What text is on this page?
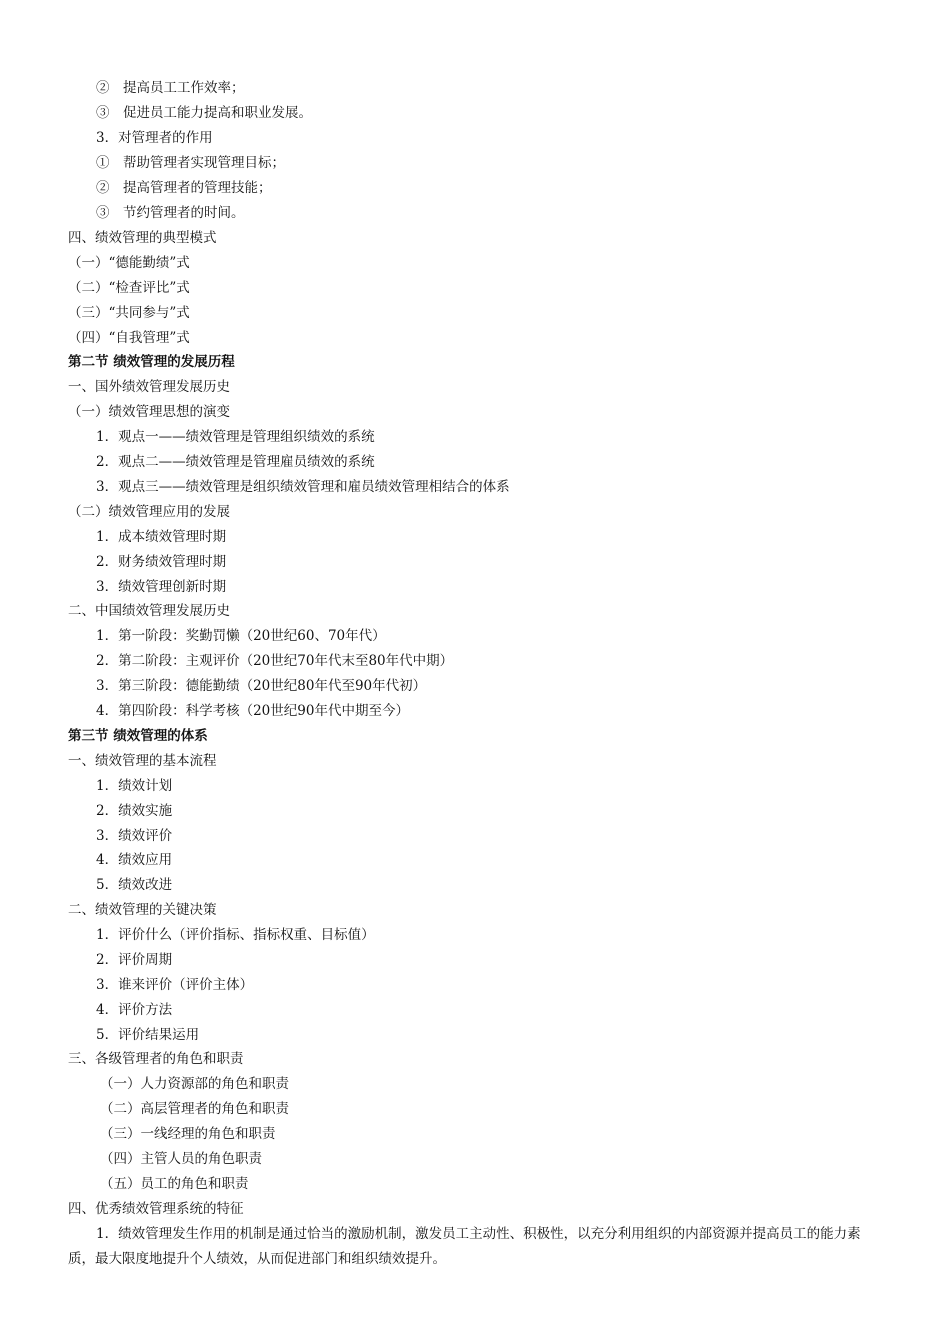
②　提高员工工作效率；
③　促进员工能力提高和职业发展。
3．对管理者的作用
①　帮助管理者实现管理目标；
②　提高管理者的管理技能；
③　节约管理者的时间。
四、绩效管理的典型模式
（一）“德能勤绩”式
（二）“检查评比”式
（三）“共同参与”式
（四）“自我管理”式
第二节 绩效管理的发展历程
一、国外绩效管理发展历史
（一）绩效管理思想的演变
1．观点一——绩效管理是管理组织绩效的系统
2．观点二——绩效管理是管理雇员绩效的系统
3．观点三——绩效管理是组织绩效管理和雇员绩效管理相结合的体系
（二）绩效管理应用的发展
1．成本绩效管理时期
2．财务绩效管理时期
3．绩效管理创新时期
二、中国绩效管理发展历史
1．第一阶段：奖勤罚懒（20世纪60、70年代）
2．第二阶段：主观评价（20世纪70年代末至80年代中期）
3．第三阶段：德能勤绩（20世纪80年代至90年代初）
4．第四阶段：科学考核（20世纪90年代中期至今）
第三节 绩效管理的体系
一、绩效管理的基本流程
1．绩效计划
2．绩效实施
3．绩效评价
4．绩效应用
5．绩效改进
二、绩效管理的关键决策
1．评价什么（评价指标、指标权重、目标值）
2．评价周期
3．谁来评价（评价主体）
4．评价方法
5．评价结果运用
三、各级管理者的角色和职责
（一）人力资源部的角色和职责
（二）高层管理者的角色和职责
（三）一线经理的角色和职责
（四）主管人员的角色职责
（五）员工的角色和职责
四、优秀绩效管理系统的特征
1．绩效管理发生作用的机制是通过恰当的激励机制，激发员工主动性、积极性，以充分利用组织的内部资源并提高员工的能力素质，最大限度地提升个人绩效，从而促进部门和组织绩效提升。
